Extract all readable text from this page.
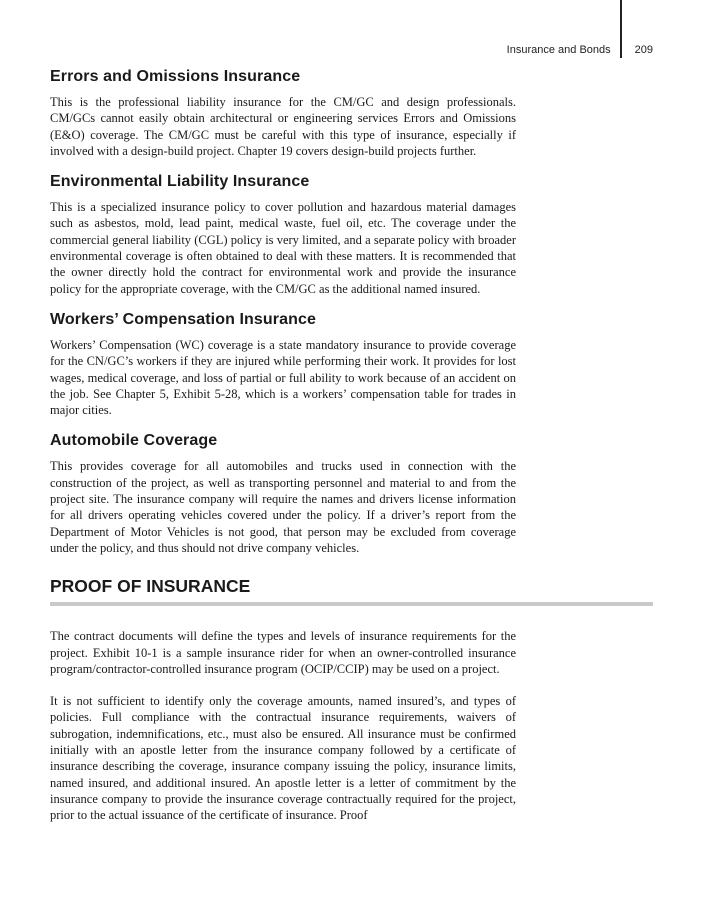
Insurance and Bonds 209
Errors and Omissions Insurance

This is the professional liability insurance for the CM/GC and design professionals. CM/GCs cannot easily obtain architectural or engineering services Errors and Omissions (E&O) coverage. The CM/GC must be careful with this type of insurance, especially if involved with a design-build project. Chapter 19 covers design-build projects further.

Environmental Liability Insurance

This is a specialized insurance policy to cover pollution and hazardous material damages such as asbestos, mold, lead paint, medical waste, fuel oil, etc. The coverage under the commercial general liability (CGL) policy is very limited, and a separate policy with broader environmental coverage is often obtained to deal with these matters. It is recommended that the owner directly hold the contract for environmental work and provide the insurance policy for the appropriate coverage, with the CM/GC as the additional named insured.

Workers’ Compensation Insurance

Workers’ Compensation (WC) coverage is a state mandatory insurance to provide coverage for the CN/GC’s workers if they are injured while performing their work. It provides for lost wages, medical coverage, and loss of partial or full ability to work because of an accident on the job. See Chapter 5, Exhibit 5-28, which is a workers’ compensation table for trades in major cities.

Automobile Coverage

This provides coverage for all automobiles and trucks used in connection with the construction of the project, as well as transporting personnel and material to and from the project site. The insurance company will require the names and drivers license information for all drivers operating vehicles covered under the policy. If a driver’s report from the Department of Motor Vehicles is not good, that person may be excluded from coverage under the policy, and thus should not drive company vehicles.

PROOF OF INSURANCE

The contract documents will define the types and levels of insurance requirements for the project. Exhibit 10-1 is a sample insurance rider for when an owner-controlled insurance program/contractor-controlled insurance program (OCIP/CCIP) may be used on a project.

It is not sufficient to identify only the coverage amounts, named insured’s, and types of policies. Full compliance with the contractual insurance requirements, waivers of subrogation, indemnifications, etc., must also be ensured. All insurance must be confirmed initially with an apostle letter from the insurance company followed by a certificate of insurance describing the coverage, insurance company issuing the policy, insurance limits, named insured, and additional insured. An apostle letter is a letter of commitment by the insurance company to provide the insurance coverage contractually required for the project, prior to the actual issuance of the certificate of insurance. Proof
